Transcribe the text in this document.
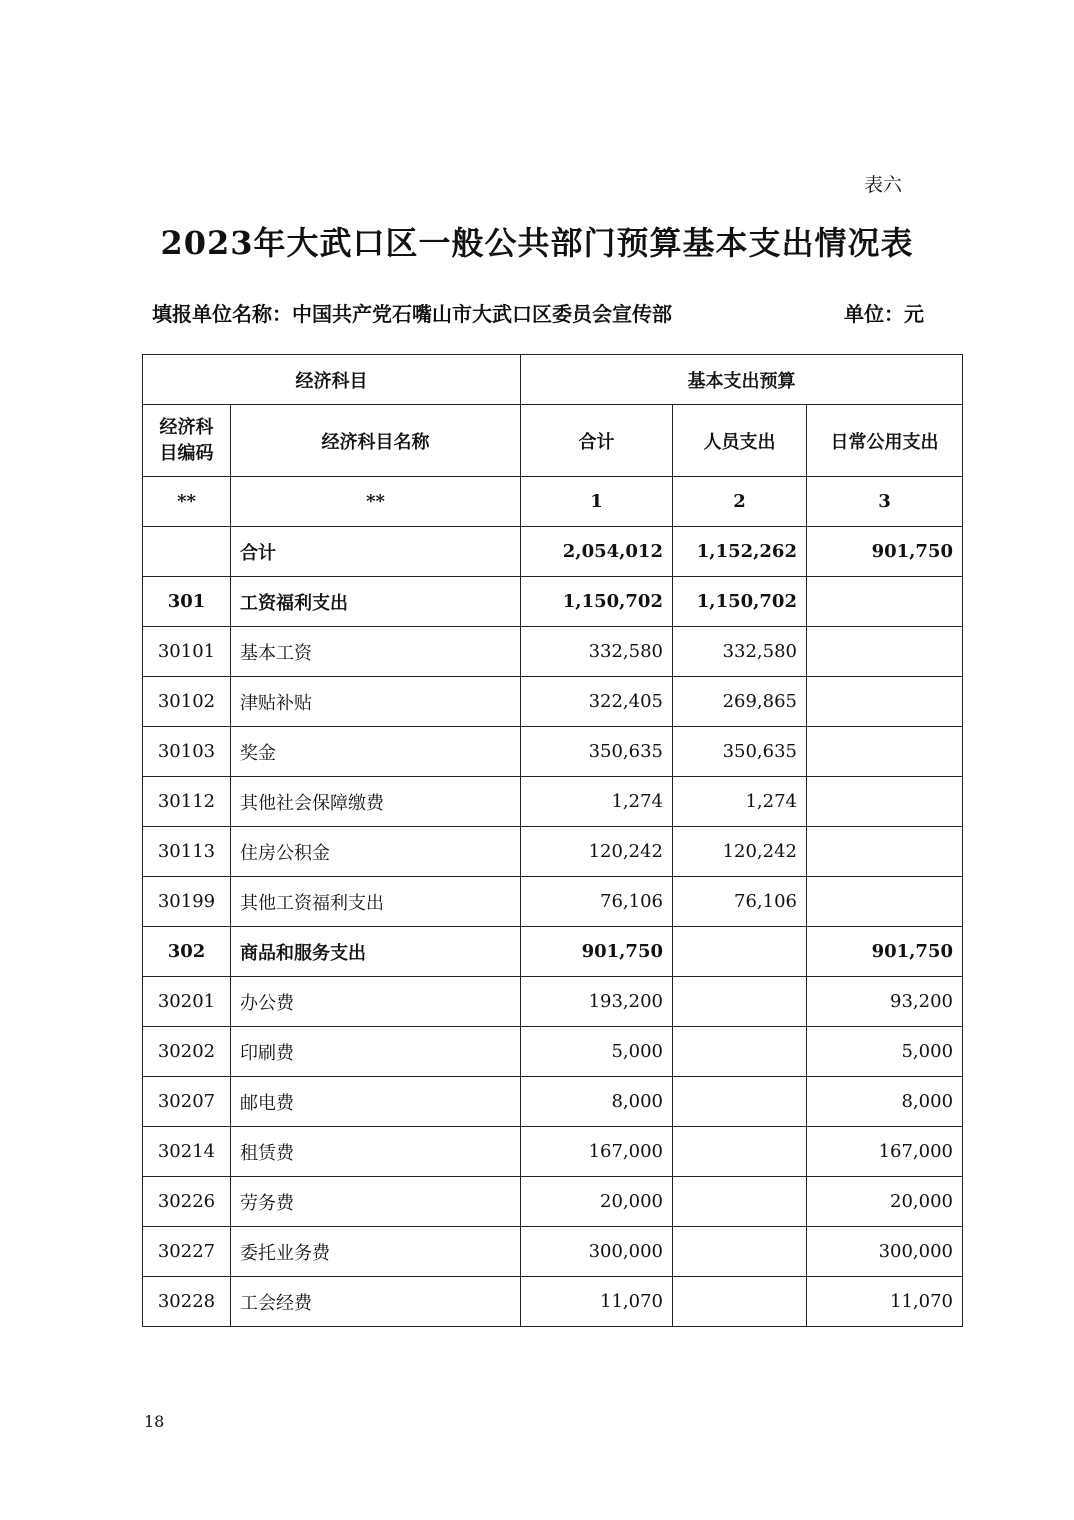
表六
2023年大武口区一般公共部门预算基本支出情况表
填报单位名称：中国共产党石嘴山市大武口区委员会宣传部	单位：元
经济科目		基本支出预算		
经济科目编码	经济科目名称	合计	人员支出	日常公用支出
**	**	1	2	3
	合计	2,054,012	1,152,262	901,750
301	工资福利支出	1,150,702	1,150,702	
30101	基本工资	332,580	332,580	
30102	津贴补贴	322,405	269,865	
30103	奖金	350,635	350,635	
30112	其他社会保障缴费	1,274	1,274	
30113	住房公积金	120,242	120,242	
30199	其他工资福利支出	76,106	76,106	
302	商品和服务支出	901,750		901,750
30201	办公费	193,200		93,200
30202	印刷费	5,000		5,000
30207	邮电费	8,000		8,000
30214	租赁费	167,000		167,000
30226	劳务费	20,000		20,000
30227	委托业务费	300,000		300,000
30228	工会经费	11,070		11,070
18
